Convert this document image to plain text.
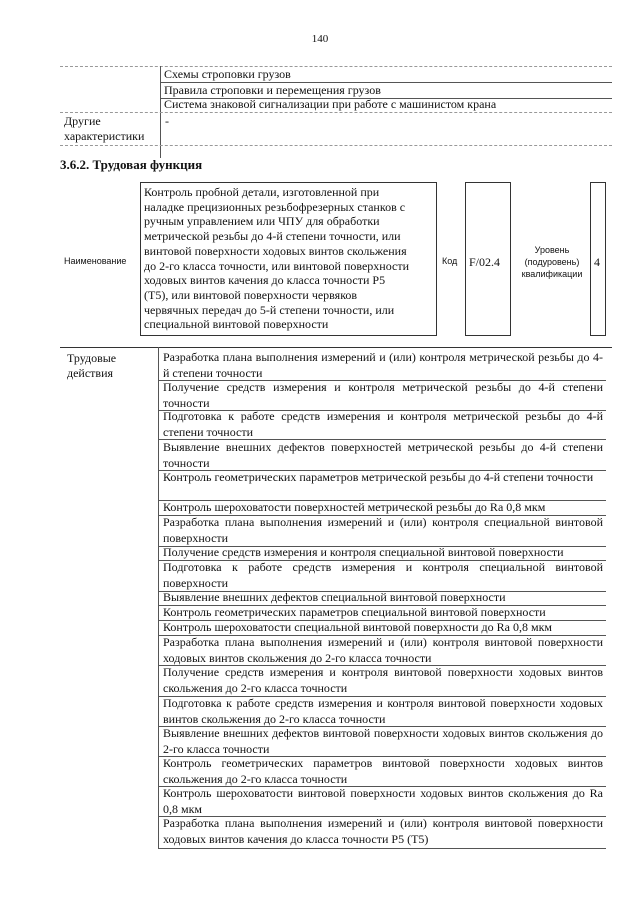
140
Схемы строповки грузов
Правила строповки и перемещения грузов
Система знаковой сигнализации при работе с машинистом крана
Другие
характеристики
-
3.6.2. Трудовая функция
Наименование
Контроль пробной детали, изготовленной при
наладке прецизионных резьбофрезерных станков с
ручным управлением или ЧПУ для обработки
метрической резьбы до 4-й степени точности, или
винтовой поверхности ходовых винтов скольжения
до 2-го класса точности, или винтовой поверхности
ходовых винтов качения до класса точности Р5
(Т5), или винтовой поверхности червяков
червячных передач до 5-й степени точности, или
специальной винтовой поверхности
Код F/02.4
Уровень
(подуровень)
квалификации
4
Трудовые
действия
Разработка плана выполнения измерений и (или) контроля метрической резьбы до 4-й степени точности
Получение средств измерения и контроля метрической резьбы до 4-й степени точности
Подготовка к работе средств измерения и контроля метрической резьбы до 4-й степени точности
Выявление внешних дефектов поверхностей метрической резьбы до 4-й степени точности
Контроль геометрических параметров метрической резьбы до 4-й степени точности
Контроль шероховатости поверхностей метрической резьбы до Ra 0,8 мкм
Разработка плана выполнения измерений и (или) контроля специальной винтовой поверхности
Получение средств измерения и контроля специальной винтовой поверхности
Подготовка к работе средств измерения и контроля специальной винтовой поверхности
Выявление внешних дефектов специальной винтовой поверхности
Контроль геометрических параметров специальной винтовой поверхности
Контроль шероховатости специальной винтовой поверхности до Ra 0,8 мкм
Разработка плана выполнения измерений и (или) контроля винтовой поверхности ходовых винтов скольжения до 2-го класса точности
Получение средств измерения и контроля винтовой поверхности ходовых винтов скольжения до 2-го класса точности
Подготовка к работе средств измерения и контроля винтовой поверхности ходовых винтов скольжения до 2-го класса точности
Выявление внешних дефектов винтовой поверхности ходовых винтов скольжения до 2-го класса точности
Контроль геометрических параметров винтовой поверхности ходовых винтов скольжения до 2-го класса точности
Контроль шероховатости винтовой поверхности ходовых винтов скольжения до Ra 0,8 мкм
Разработка плана выполнения измерений и (или) контроля винтовой поверхности ходовых винтов качения до класса точности Р5 (Т5)
